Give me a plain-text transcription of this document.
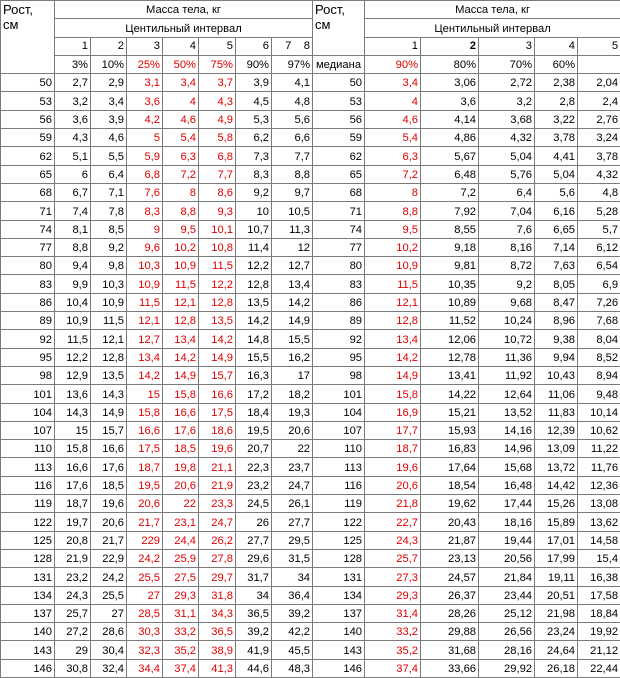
Рост,
см	Масса тела, кг							Рост,
см	Масса тела, кг				
	Центильный интервал								Центильный интервал				
	1	2	3	4	5	6	7 8		1	2	3	4	5
	3%	10%	25%	50%	75%	90%	97%	медиана	90%	80%	70%	60%	
50	2,7	2,9	3,1	3,4	3,7	3,9	4,1	50	3,4	3,06	2,72	2,38	2,04
53	3,2	3,4	3,6	4	4,3	4,5	4,8	53	4	3,6	3,2	2,8	2,4
56	3,6	3,9	4,2	4,6	4,9	5,3	5,6	56	4,6	4,14	3,68	3,22	2,76
59	4,3	4,6	5	5,4	5,8	6,2	6,6	59	5,4	4,86	4,32	3,78	3,24
62	5,1	5,5	5,9	6,3	6,8	7,3	7,7	62	6,3	5,67	5,04	4,41	3,78
65	6	6,4	6,8	7,2	7,7	8,3	8,8	65	7,2	6,48	5,76	5,04	4,32
68	6,7	7,1	7,6	8	8,6	9,2	9,7	68	8	7,2	6,4	5,6	4,8
71	7,4	7,8	8,3	8,8	9,3	10	10,5	71	8,8	7,92	7,04	6,16	5,28
74	8,1	8,5	9	9,5	10,1	10,7	11,3	74	9,5	8,55	7,6	6,65	5,7
77	8,8	9,2	9,6	10,2	10,8	11,4	12	77	10,2	9,18	8,16	7,14	6,12
80	9,4	9,8	10,3	10,9	11,5	12,2	12,7	80	10,9	9,81	8,72	7,63	6,54
83	9,9	10,3	10,9	11,5	12,2	12,8	13,4	83	11,5	10,35	9,2	8,05	6,9
86	10,4	10,9	11,5	12,1	12,8	13,5	14,2	86	12,1	10,89	9,68	8,47	7,26
89	10,9	11,5	12,1	12,8	13,5	14,2	14,9	89	12,8	11,52	10,24	8,96	7,68
92	11,5	12,1	12,7	13,4	14,2	14,8	15,5	92	13,4	12,06	10,72	9,38	8,04
95	12,2	12,8	13,4	14,2	14,9	15,5	16,2	95	14,2	12,78	11,36	9,94	8,52
98	12,9	13,5	14,2	14,9	15,7	16,3	17	98	14,9	13,41	11,92	10,43	8,94
101	13,6	14,3	15	15,8	16,6	17,2	18,2	101	15,8	14,22	12,64	11,06	9,48
104	14,3	14,9	15,8	16,6	17,5	18,4	19,3	104	16,9	15,21	13,52	11,83	10,14
107	15	15,7	16,6	17,6	18,6	19,5	20,6	107	17,7	15,93	14,16	12,39	10,62
110	15,8	16,6	17,5	18,5	19,6	20,7	22	110	18,7	16,83	14,96	13,09	11,22
113	16,6	17,6	18,7	19,8	21,1	22,3	23,7	113	19,6	17,64	15,68	13,72	11,76
116	17,6	18,5	19,5	20,6	21,9	23,2	24,7	116	20,6	18,54	16,48	14,42	12,36
119	18,7	19,6	20,6	22	23,3	24,5	26,1	119	21,8	19,62	17,44	15,26	13,08
122	19,7	20,6	21,7	23,1	24,7	26	27,7	122	22,7	20,43	18,16	15,89	13,62
125	20,8	21,7	229	24,4	26,2	27,7	29,5	125	24,3	21,87	19,44	17,01	14,58
128	21,9	22,9	24,2	25,9	27,8	29,6	31,5	128	25,7	23,13	20,56	17,99	15,4
131	23,2	24,2	25,5	27,5	29,7	31,7	34	131	27,3	24,57	21,84	19,11	16,38
134	24,3	25,5	27	29,3	31,8	34	36,4	134	29,3	26,37	23,44	20,51	17,58
137	25,7	27	28,5	31,1	34,3	36,5	39,2	137	31,4	28,26	25,12	21,98	18,84
140	27,2	28,6	30,3	33,2	36,5	39,2	42,2	140	33,2	29,88	26,56	23,24	19,92
143	29	30,4	32,3	35,2	38,9	41,9	45,5	143	35,2	31,68	28,16	24,64	21,12
146	30,8	32,4	34,4	37,4	41,3	44,6	48,3	146	37,4	33,66	29,92	26,18	22,44
